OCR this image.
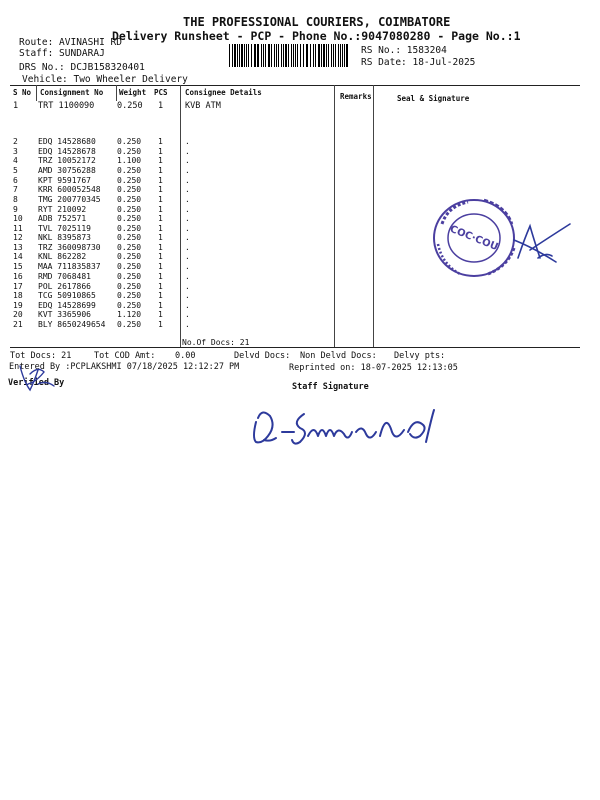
THE PROFESSIONAL COURIERS, COIMBATORE
Delivery Runsheet - PCP - Phone No.:9047080280 - Page No.:1
Route: AVINASHI RD
Staff: SUNDARAJ
DRS No.: DCJB158320401
Vehicle: Two Wheeler Delivery
RS No.: 1583204
RS Date: 18-Jul-2025
S No Consignment No Weight PCS Consignee Details	Remarks	Seal & Signature
1 TRT 1100090	0.250 1	KVB ATM
2	EDQ 14528680	0.250 1	.
3	EDQ 14528678	0.250 1	.
4	TRZ 10052172	1.100 1	.
5	AMD 30756288	0.250 1	.
6	KPT 9591767	0.250 1	.
7	KRR 600052548 0.250 1	.
8	TMG 200770345 0.250 1	.
9	RYT 210092	0.250 1	.
10 ADB 752571	0.250 1	.
11 TVL 7025119	0.250 1	.
12 NKL 8395873	0.250 1	.
13 TRZ 360098730 0.250 1	.
14 KNL 862282	0.250 1	.
15 MAA 711835837 0.250 1	.
16 RMD 7068481	0.250 1	.
17 POL 2617866	0.250 1	.
18 TCG 50910865	0.250 1	.
19 EDQ 14528699	0.250 1	.
20 KVT 3365906	1.120 1	.
21 BLY 8650249654 0.250 1	.
No.Of Docs: 21
COC·COU
Tot Docs: 21	Tot COD Amt: 0.00	Delvd Docs: Non Delvd Docs: Delvy pts:
Entered By :PCPLAKSHMI 07/18/2025 12:12:27 PM	Reprinted on: 18-07-2025 12:13:05
Verified By	Staff Signature
